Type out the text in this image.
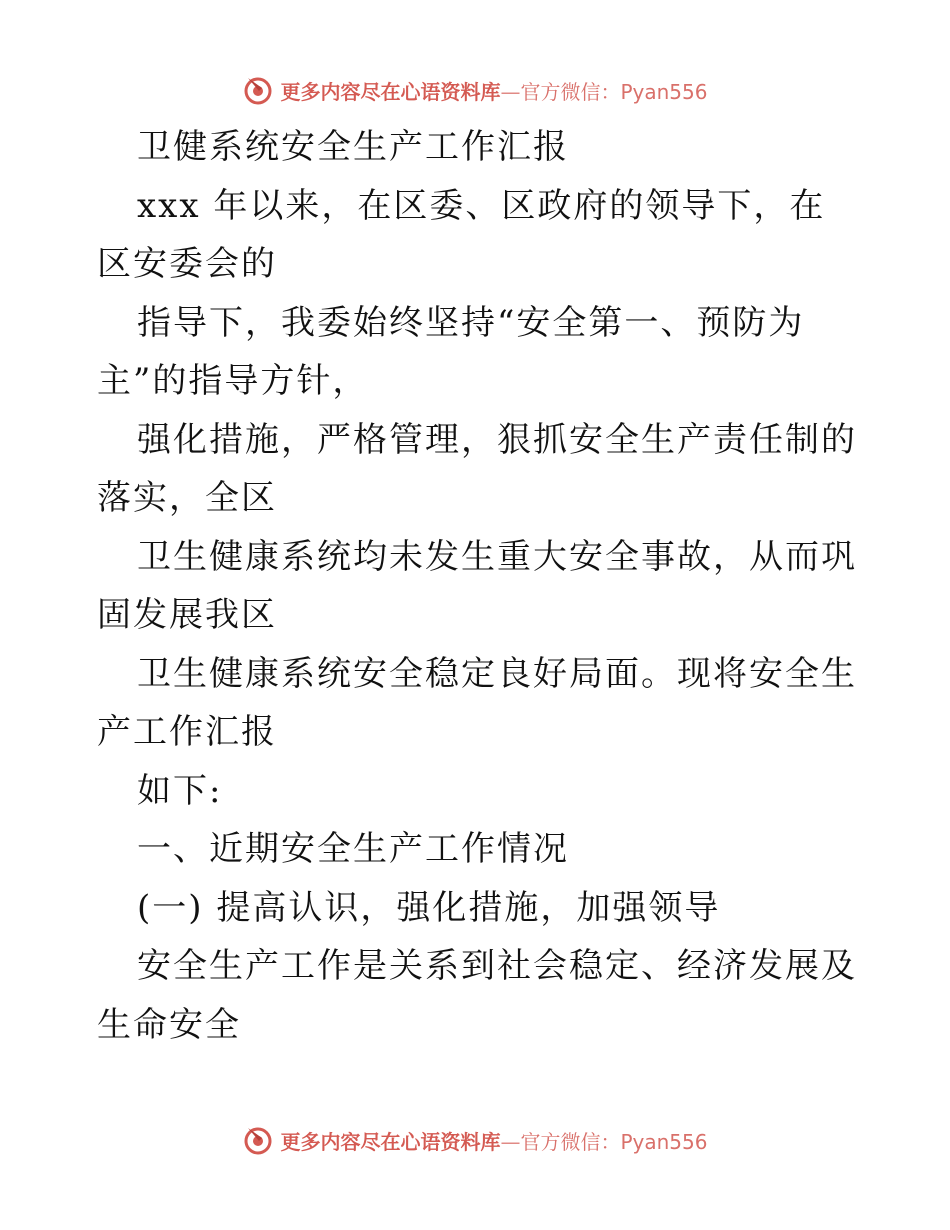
更多内容尽在心语资料库—官方微信：Pyan556

卫健系统安全生产工作汇报

xxx 年以来，在区委、区政府的领导下，在区安委会的

指导下，我委始终坚持“安全第一、预防为主”的指导方针，

强化措施，严格管理，狠抓安全生产责任制的落实，全区

卫生健康系统均未发生重大安全事故，从而巩固发展我区

卫生健康系统安全稳定良好局面。现将安全生产工作汇报

如下:

一、近期安全生产工作情况

(一) 提高认识，强化措施，加强领导

安全生产工作是关系到社会稳定、经济发展及生命安全

更多内容尽在心语资料库—官方微信：Pyan556
